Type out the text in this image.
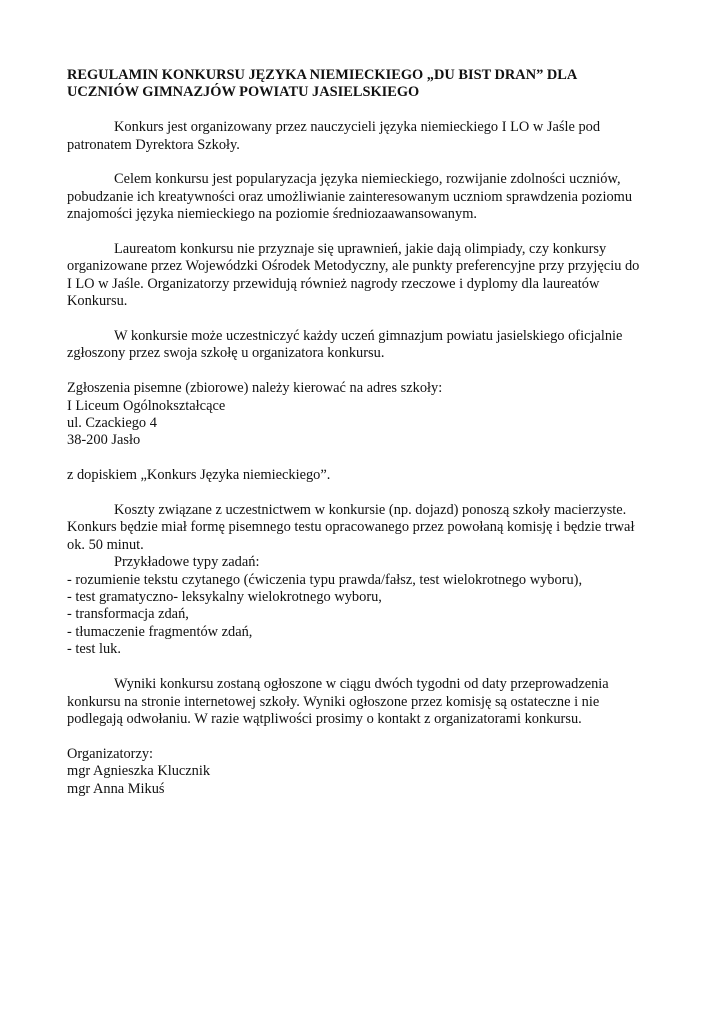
REGULAMIN KONKURSU JĘZYKA NIEMIECKIEGO „DU BIST DRAN” DLA
UCZNIÓW GIMNAZJÓW POWIATU JASIELSKIEGO
Konkurs jest organizowany przez nauczycieli języka niemieckiego I LO w Jaśle pod
patronatem Dyrektora Szkoły.
Celem konkursu jest popularyzacja języka niemieckiego, rozwijanie zdolności uczniów,
pobudzanie ich kreatywności oraz umożliwianie zainteresowanym uczniom sprawdzenia poziomu
znajomości języka niemieckiego na poziomie średniozaawansowanym.
Laureatom konkursu nie przyznaje się uprawnień, jakie dają olimpiady, czy konkursy
organizowane przez Wojewódzki Ośrodek Metodyczny, ale punkty preferencyjne przy przyjęciu do
I LO w Jaśle. Organizatorzy przewidują również nagrody rzeczowe i dyplomy dla laureatów
Konkursu.
W konkursie może uczestniczyć każdy uczeń gimnazjum powiatu jasielskiego oficjalnie
zgłoszony przez swoja szkołę u organizatora konkursu.
Zgłoszenia pisemne (zbiorowe) należy kierować na adres szkoły:
I Liceum Ogólnokształcące
ul. Czackiego 4
38-200 Jasło
z dopiskiem „Konkurs Języka niemieckiego”.
Koszty związane z uczestnictwem w konkursie (np. dojazd) ponoszą szkoły macierzyste.
Konkurs będzie miał formę pisemnego testu opracowanego przez powołaną komisję i będzie trwał
ok. 50 minut.
Przykładowe typy zadań:
- rozumienie tekstu czytanego (ćwiczenia typu prawda/fałsz, test wielokrotnego wyboru),
- test gramatyczno- leksykalny wielokrotnego wyboru,
- transformacja zdań,
- tłumaczenie fragmentów zdań,
- test luk.
Wyniki konkursu zostaną ogłoszone w ciągu dwóch tygodni od daty przeprowadzenia
konkursu na stronie internetowej szkoły. Wyniki ogłoszone przez komisję są ostateczne i nie
podlegają odwołaniu. W razie wątpliwości prosimy o kontakt z organizatorami konkursu.
Organizatorzy:
mgr Agnieszka Klucznik
mgr Anna Mikuś
